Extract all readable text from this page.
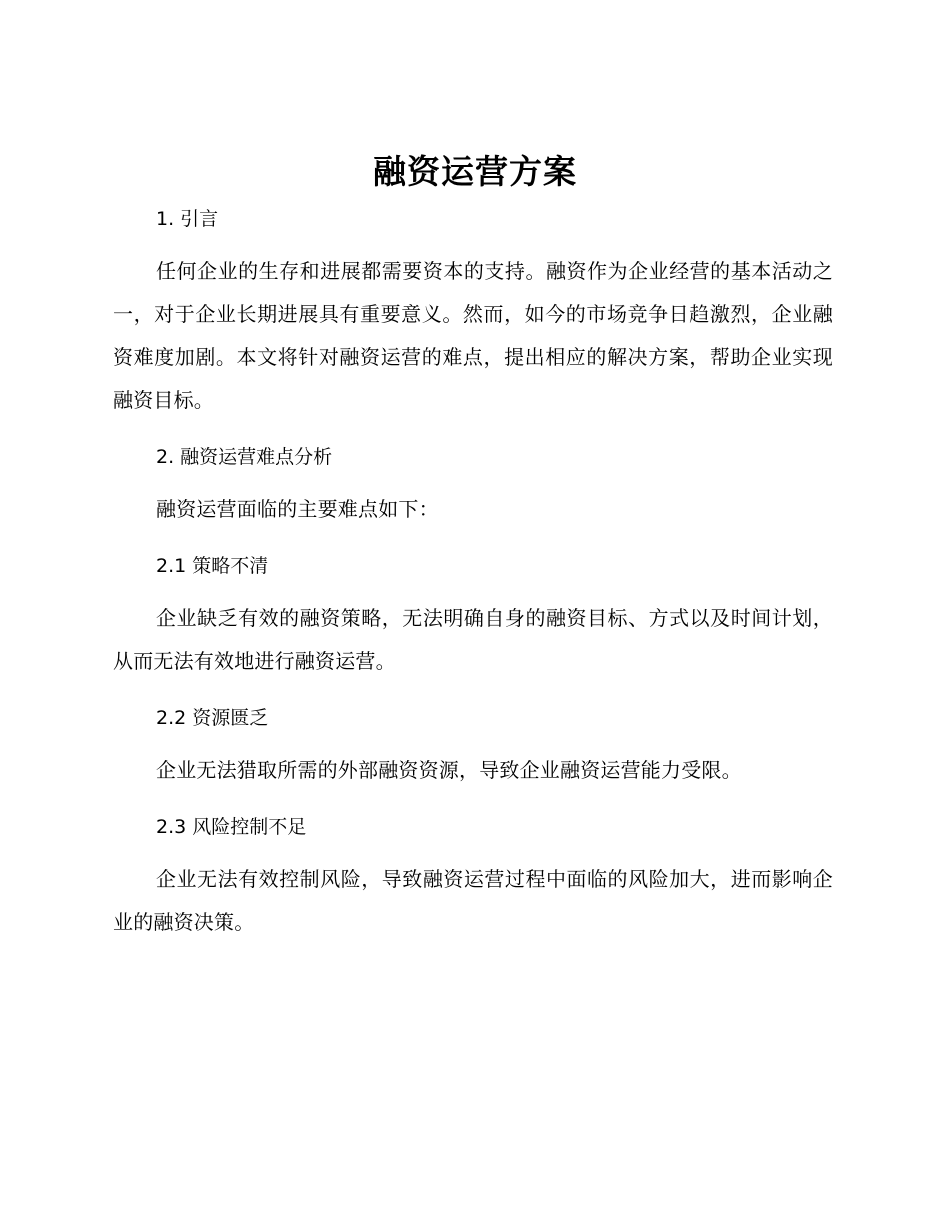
融资运营方案
1. 引言

任何企业的生存和进展都需要资本的支持。融资作为企业经营的基本活动之一，对于企业长期进展具有重要意义。然而，如今的市场竞争日趋激烈，企业融资难度加剧。本文将针对融资运营的难点，提出相应的解决方案，帮助企业实现融资目标。

2. 融资运营难点分析

融资运营面临的主要难点如下：

2.1 策略不清

企业缺乏有效的融资策略，无法明确自身的融资目标、方式以及时间计划，从而无法有效地进行融资运营。

2.2 资源匮乏

企业无法猎取所需的外部融资资源，导致企业融资运营能力受限。

2.3 风险控制不足

企业无法有效控制风险，导致融资运营过程中面临的风险加大，进而影响企业的融资决策。
